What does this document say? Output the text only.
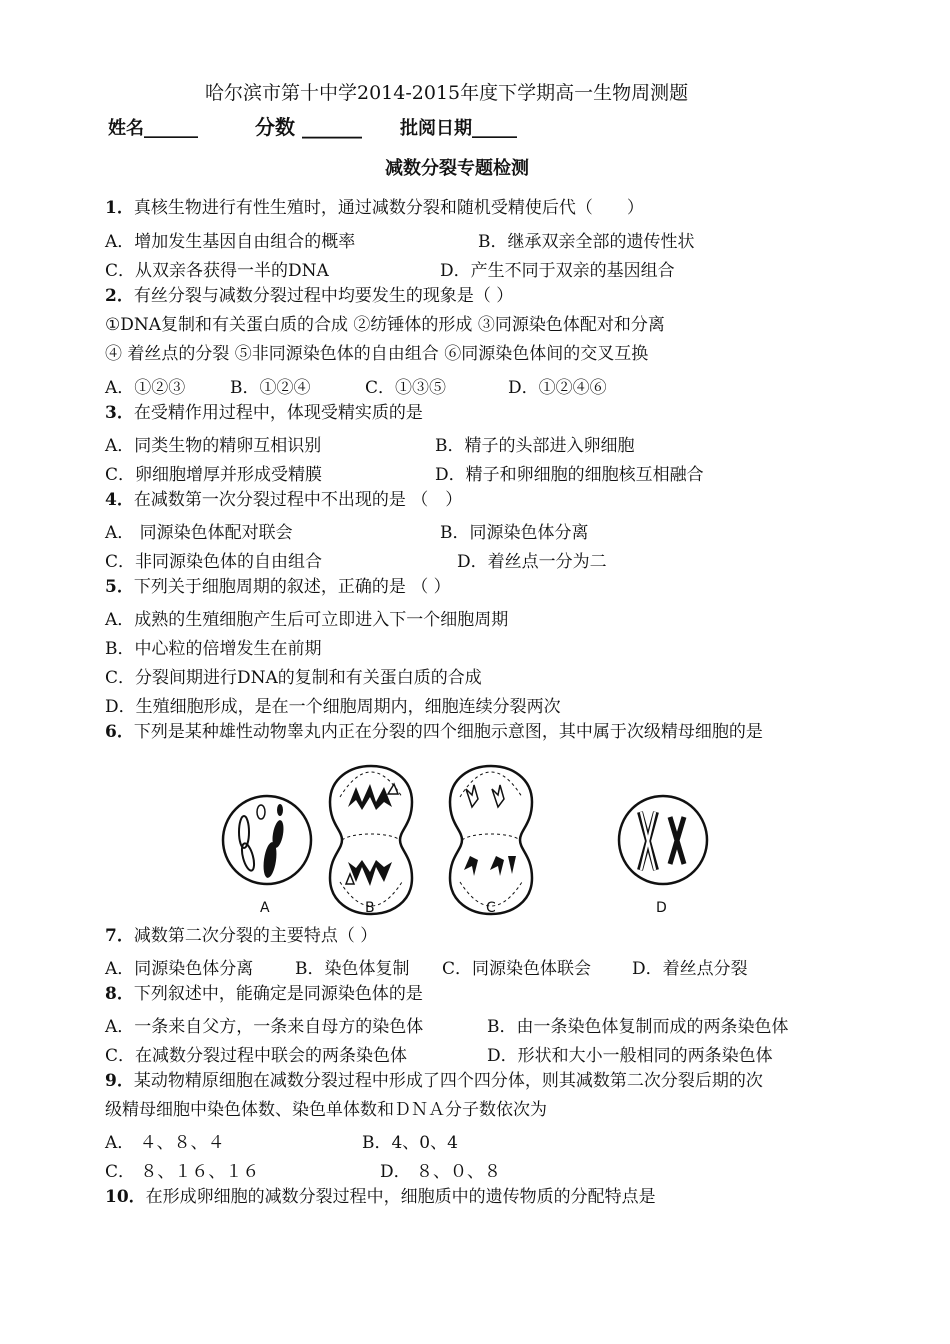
哈尔滨市第十中学2014-2015年度下学期高一生物周测题
姓名______	分数 ______ 批阅日期_____
减数分裂专题检测
1．真核生物进行有性生殖时，通过减数分裂和随机受精使后代（　　）
A．增加发生基因自由组合的概率	B．继承双亲全部的遗传性状
C．从双亲各获得一半的DNA	D．产生不同于双亲的基因组合
2．有丝分裂与减数分裂过程中均要发生的现象是（ ）
①DNA复制和有关蛋白质的合成 ②纺锤体的形成 ③同源染色体配对和分离
④ 着丝点的分裂 ⑤非同源染色体的自由组合 ⑥同源染色体间的交叉互换
A．①②③	B．①②④	C．①③⑤	D．①②④⑥
3．在受精作用过程中，体现受精实质的是
A．同类生物的精卵互相识别	B．精子的头部进入卵细胞
C．卵细胞增厚并形成受精膜	D．精子和卵细胞的细胞核互相融合
4．在减数第一次分裂过程中不出现的是 （　）
A． 同源染色体配对联会	B．同源染色体分离
C．非同源染色体的自由组合	D．着丝点一分为二
5．下列关于细胞周期的叙述，正确的是 （ ）
A．成熟的生殖细胞产生后可立即进入下一个细胞周期
B．中心粒的倍增发生在前期
C．分裂间期进行DNA的复制和有关蛋白质的合成
D．生殖细胞形成，是在一个细胞周期内，细胞连续分裂两次
6．下列是某种雄性动物睾丸内正在分裂的四个细胞示意图，其中属于次级精母细胞的是
A	B	C	D
7．减数第二次分裂的主要特点（ ）
A．同源染色体分离 B．染色体复制 C．同源染色体联会 D．着丝点分裂
8．下列叙述中，能确定是同源染色体的是
A．一条来自父方，一条来自母方的染色体	B．由一条染色体复制而成的两条染色体
C．在减数分裂过程中联会的两条染色体	D．形状和大小一般相同的两条染色体
9．某动物精原细胞在减数分裂过程中形成了四个四分体，则其减数第二次分裂后期的次
级精母细胞中染色体数、染色单体数和ＤＮＡ分子数依次为
A． ４、８、４	B．4、0、4
C． ８、１６、１６	D． ８、０、８
10．在形成卵细胞的减数分裂过程中，细胞质中的遗传物质的分配特点是
